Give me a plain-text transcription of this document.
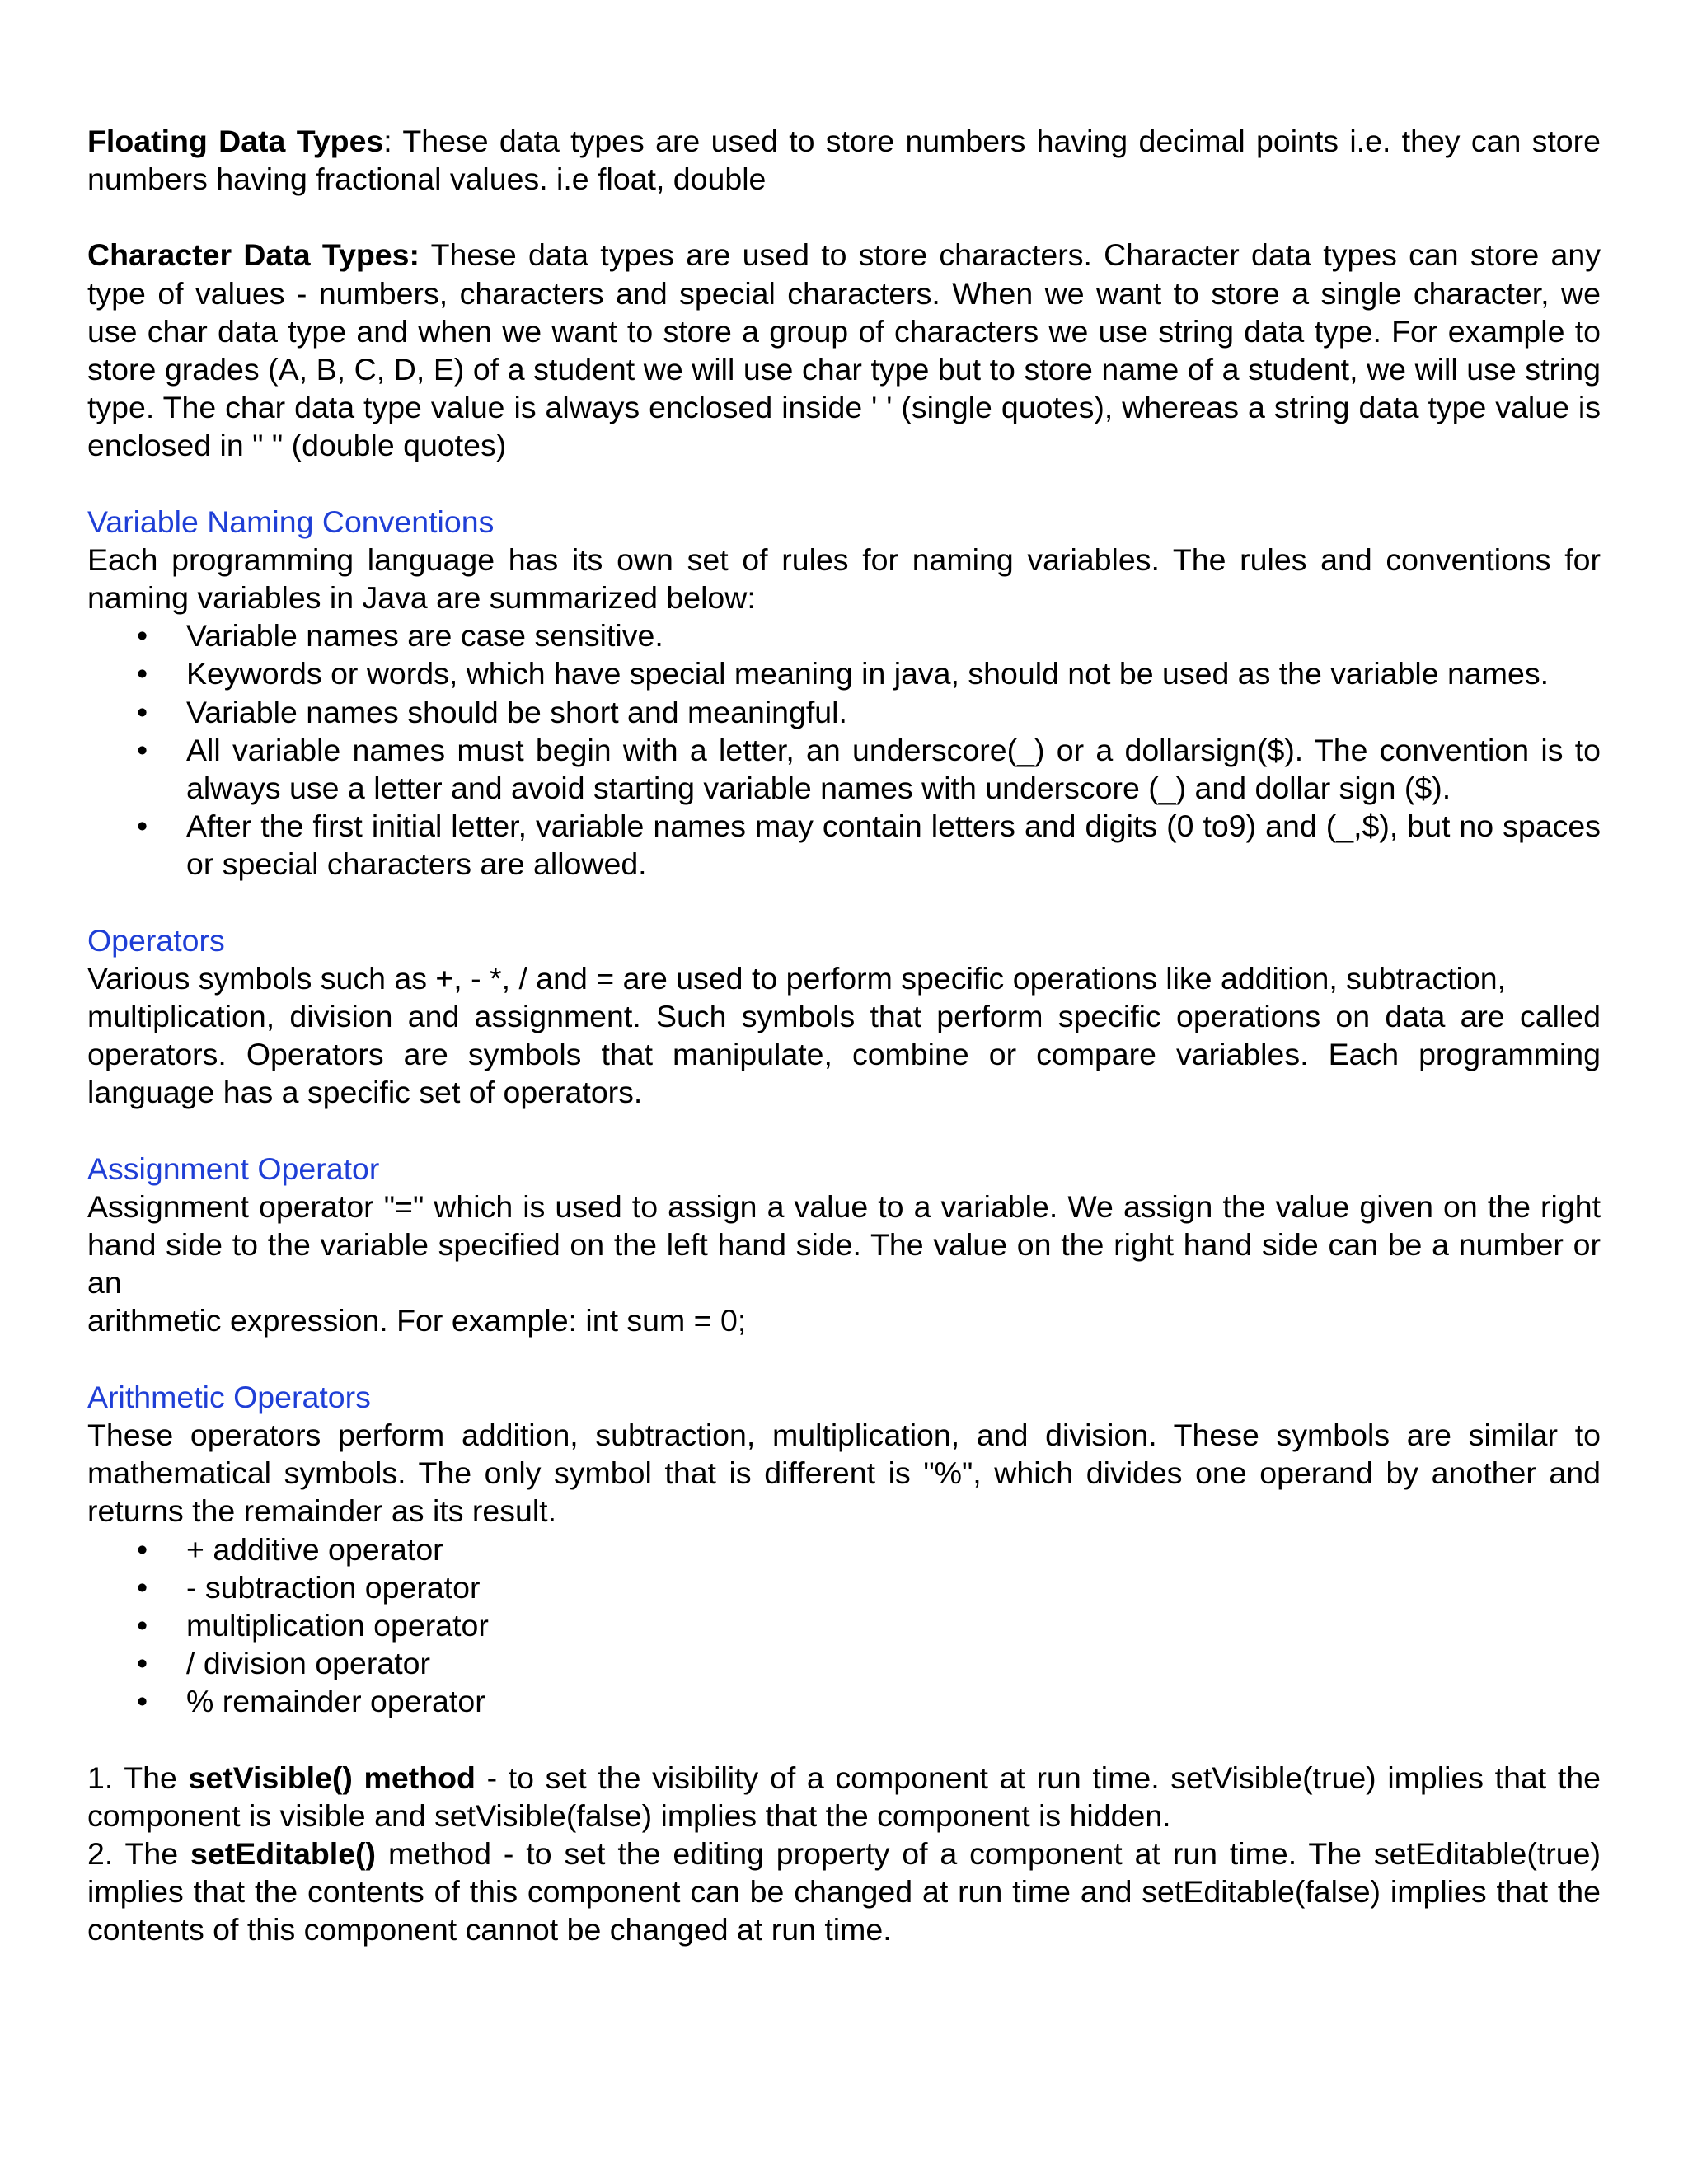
Floating Data Types: These data types are used to store numbers having decimal points i.e. they can store numbers having fractional values. i.e float, double

Character Data Types: These data types are used to store characters. Character data types can store any type of values - numbers, characters and special characters. When we want to store a single character, we use char data type and when we want to store a group of characters we use string data type. For example to store grades (A, B, C, D, E) of a student we will use char type but to store name of a student, we will use string type. The char data type value is always enclosed inside ' ' (single quotes), whereas a string data type value is enclosed in " " (double quotes)

Variable Naming Conventions

Each programming language has its own set of rules for naming variables. The rules and conventions for naming variables in Java are summarized below:

• Variable names are case sensitive.
• Keywords or words, which have special meaning in java, should not be used as the variable names.
• Variable names should be short and meaningful.
• All variable names must begin with a letter, an underscore(_) or a dollarsign($). The convention is to always use a letter and avoid starting variable names with underscore (_) and dollar sign ($).
• After the first initial letter, variable names may contain letters and digits (0 to9) and (_,$), but no spaces or special characters are allowed.

Operators

Various symbols such as +, - *, / and = are used to perform specific operations like addition, subtraction,

multiplication, division and assignment. Such symbols that perform specific operations on data are called operators. Operators are symbols that manipulate, combine or compare variables. Each programming language has a specific set of operators.

Assignment Operator

Assignment operator "=" which is used to assign a value to a variable. We assign the value given on the right hand side to the variable specified on the left hand side. The value on the right hand side can be a number or an

arithmetic expression. For example: int sum = 0;

Arithmetic Operators

These operators perform addition, subtraction, multiplication, and division. These symbols are similar to mathematical symbols. The only symbol that is different is "%", which divides one operand by another and returns the remainder as its result.

• + additive operator
• - subtraction operator
• multiplication operator
• / division operator
• % remainder operator

1. The setVisible() method - to set the visibility of a component at run time. setVisible(true) implies that the component is visible and setVisible(false) implies that the component is hidden.

2. The setEditable() method - to set the editing property of a component at run time. The setEditable(true) implies that the contents of this component can be changed at run time and setEditable(false) implies that the contents of this component cannot be changed at run time.
